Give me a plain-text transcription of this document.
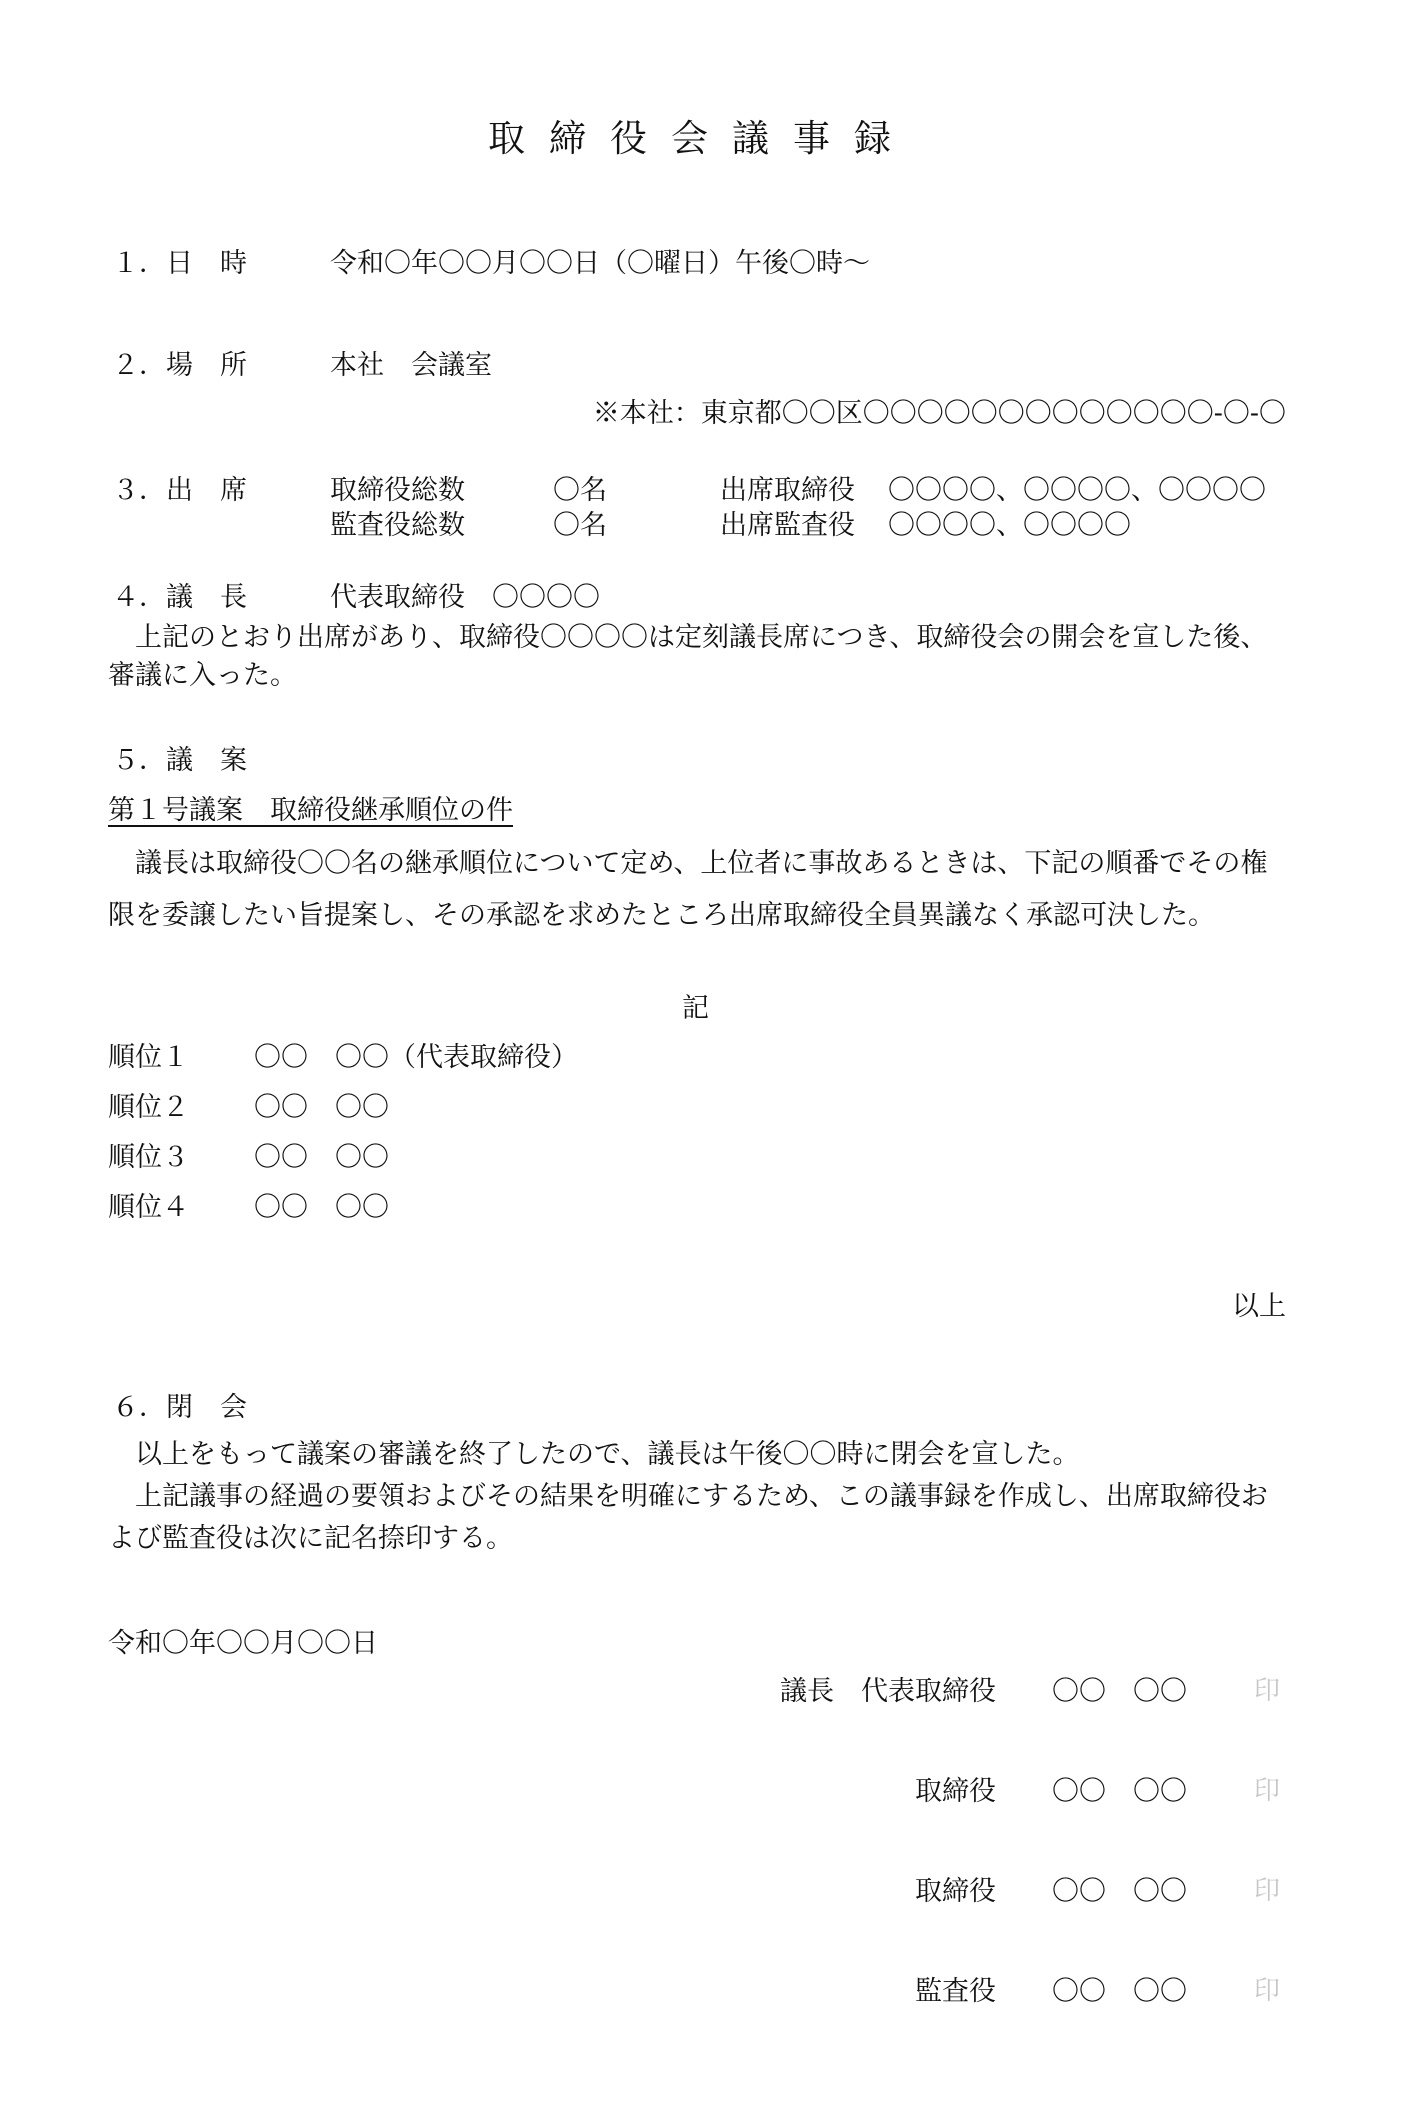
取締役会議事録
１．日　時	令和〇年〇〇月〇〇日（〇曜日）午後〇時～
２．場　所	本社　会議室
※本社：東京都〇〇区〇〇〇〇〇〇〇〇〇〇〇〇〇-〇-〇
３．出　席	取締役総数	〇名	出席取締役 〇〇〇〇、〇〇〇〇、〇〇〇〇
監査役総数	〇名	出席監査役 〇〇〇〇、〇〇〇〇
４．議　長	代表取締役　〇〇〇〇
　上記のとおり出席があり、取締役〇〇〇〇は定刻議長席につき、取締役会の開会を宣した後、審議に入った。
５．議　案
第１号議案　取締役継承順位の件
　議長は取締役〇〇名の継承順位について定め、上位者に事故あるときは、下記の順番でその権限を委譲したい旨提案し、その承認を求めたところ出席取締役全員異議なく承認可決した。
記
順位１ 〇〇　〇〇（代表取締役）
順位２ 〇〇　〇〇
順位３ 〇〇　〇〇
順位４ 〇〇　〇〇
以上
６．閉　会
　以上をもって議案の審議を終了したので、議長は午後〇〇時に閉会を宣した。
　上記議事の経過の要領およびその結果を明確にするため、この議事録を作成し、出席取締役および監査役は次に記名捺印する。
令和〇年〇〇月〇〇日
議長　代表取締役 〇〇　〇〇	印
取締役 〇〇　〇〇	印
取締役 〇〇　〇〇	印
監査役 〇〇　〇〇	印
